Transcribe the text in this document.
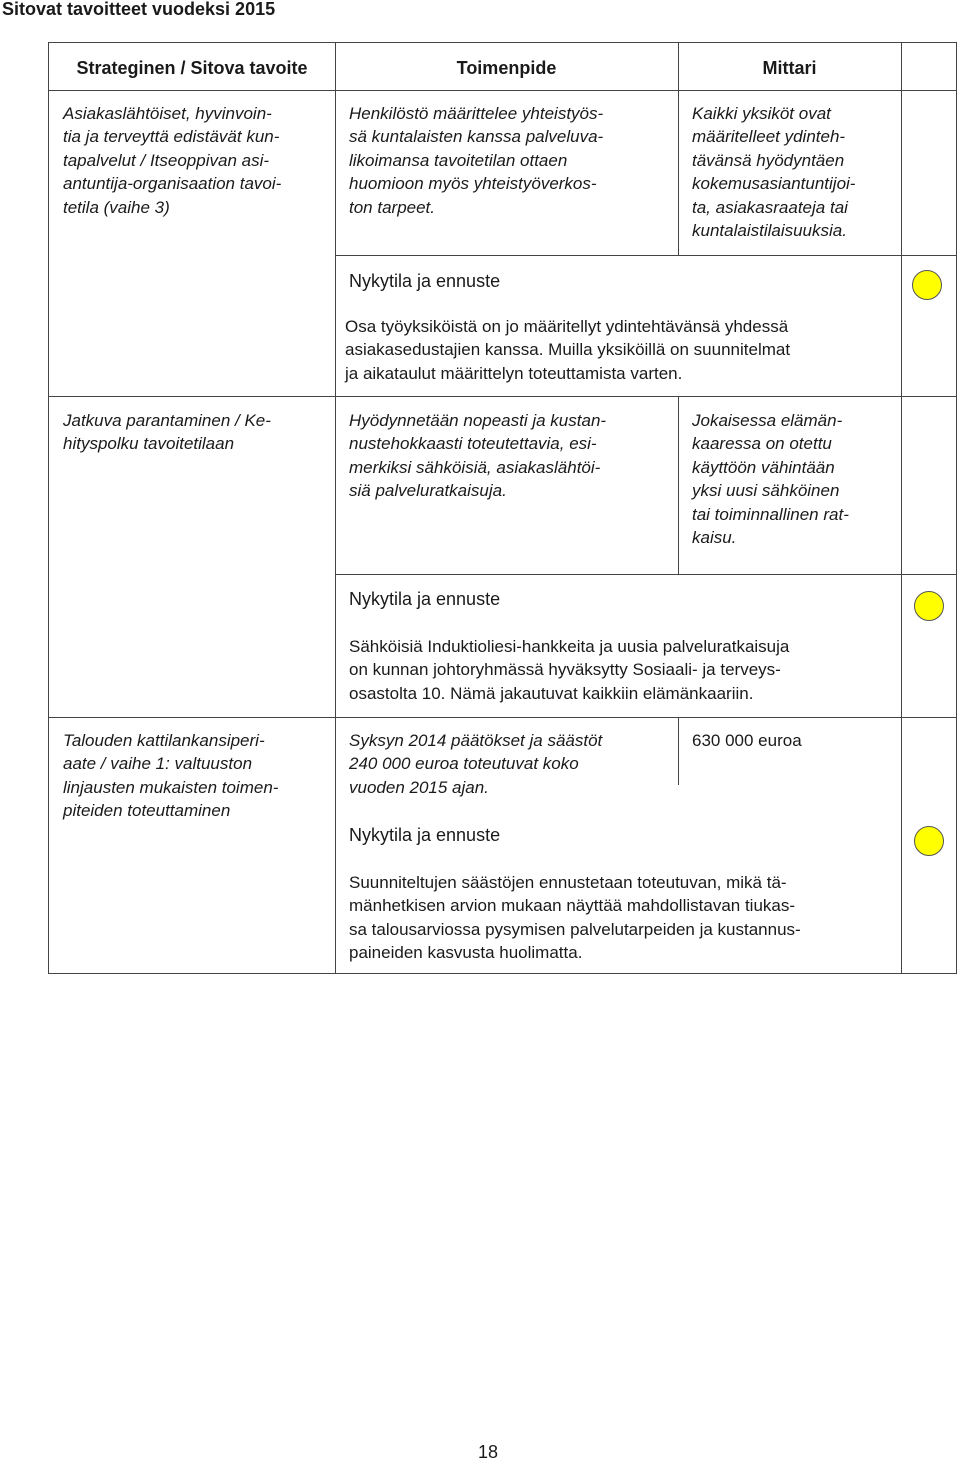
Sitovat tavoitteet vuodeksi 2015
Strateginen / Sitova tavoite	Toimenpide	Mittari
Asiakaslähtöiset, hyvinvoin-
tia ja terveyttä edistävät kun-
tapalvelut / Itseoppivan asi-
antuntija-organisaation tavoi-
tetila (vaihe 3)
Henkilöstö määrittelee yhteistyös-
sä kuntalaisten kanssa palveluva-
likoimansa tavoitetilan ottaen
huomioon myös yhteistyöverkos-
ton tarpeet.
Kaikki yksiköt ovat
määritelleet ydinteh-
tävänsä hyödyntäen
kokemusasiantuntijoi-
ta, asiakasraateja tai
kuntalaistilaisuuksia.
Nykytila ja ennuste
Osa työyksiköistä on jo määritellyt ydintehtävänsä yhdessä
asiakasedustajien kanssa. Muilla yksiköillä on suunnitelmat
ja aikataulut määrittelyn toteuttamista varten.
Jatkuva parantaminen / Ke-
hityspolku tavoitetilaan
Hyödynnetään nopeasti ja kustan-
nustehokkaasti toteutettavia, esi-
merkiksi sähköisiä, asiakaslähtöi-
siä palveluratkaisuja.
Jokaisessa elämän-
kaaressa on otettu
käyttöön vähintään
yksi uusi sähköinen
tai toiminnallinen rat-
kaisu.
Nykytila ja ennuste
Sähköisiä Induktioliesi-hankkeita ja uusia palveluratkaisuja
on kunnan johtoryhmässä hyväksytty Sosiaali- ja terveys-
osastolta 10. Nämä jakautuvat kaikkiin elämänkaariin.
Talouden kattilankansiperi-
aate / vaihe 1: valtuuston
linjausten mukaisten toimen-
piteiden toteuttaminen
Syksyn 2014 päätökset ja säästöt
240 000 euroa toteutuvat koko
vuoden 2015 ajan.
630 000 euroa
Nykytila ja ennuste
Suunniteltujen säästöjen ennustetaan toteutuvan, mikä tä-
mänhetkisen arvion mukaan näyttää mahdollistavan tiukas-
sa talousarviossa pysymisen palvelutarpeiden ja kustannus-
paineiden kasvusta huolimatta.
18
